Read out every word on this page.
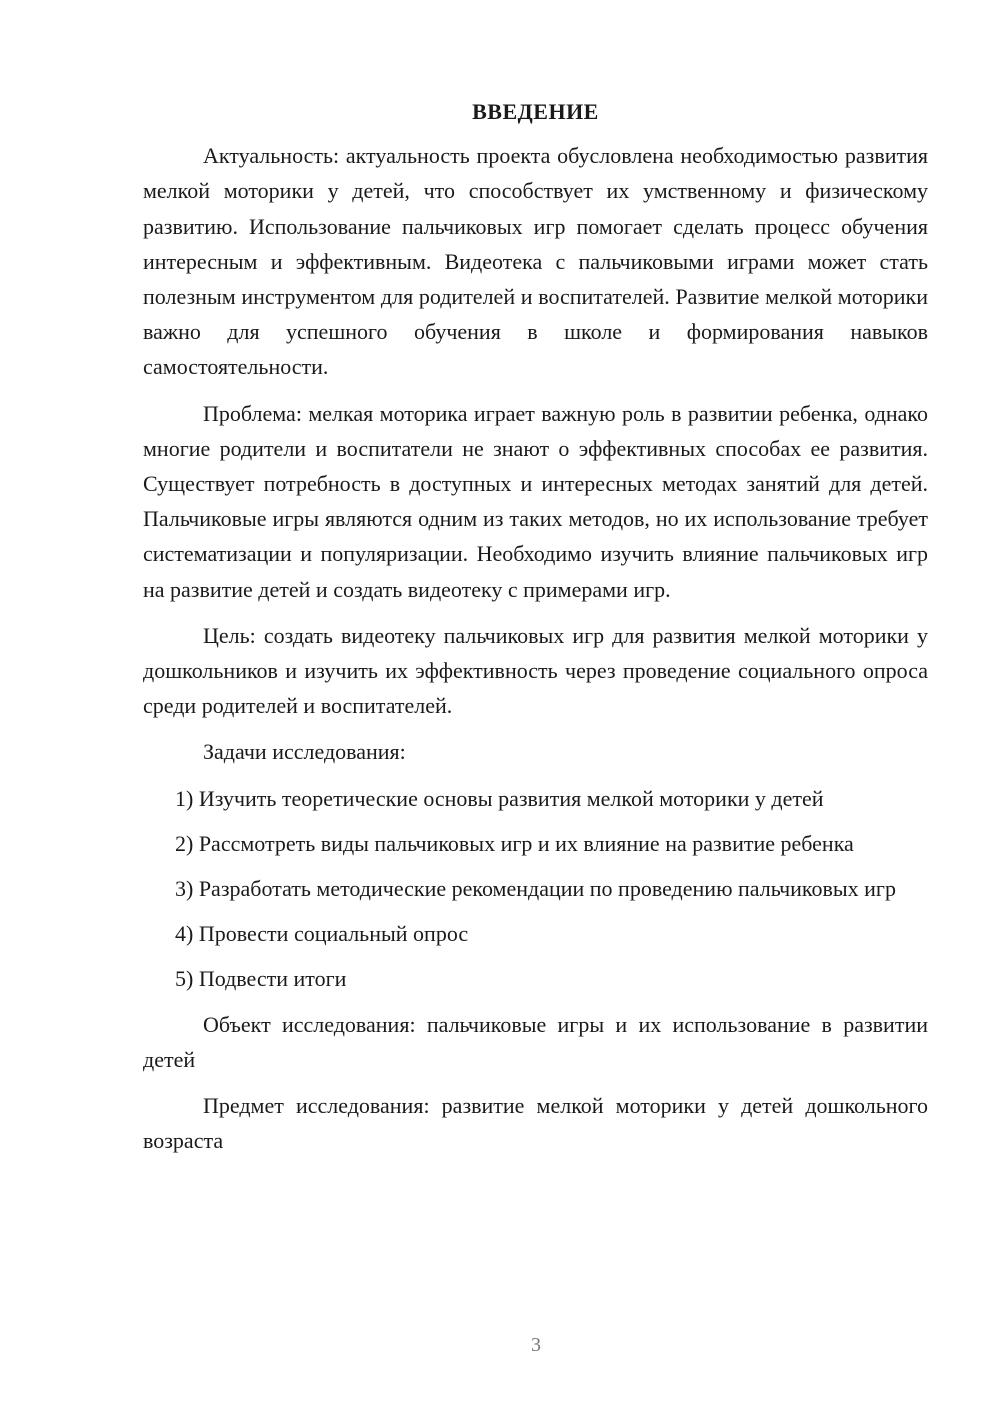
ВВЕДЕНИЕ

Актуальность: актуальность проекта обусловлена необходимостью развития мелкой моторики у детей, что способствует их умственному и физическому развитию. Использование пальчиковых игр помогает сделать процесс обучения интересным и эффективным. Видеотека с пальчиковыми играми может стать полезным инструментом для родителей и воспитателей. Развитие мелкой моторики важно для успешного обучения в школе и формирования навыков самостоятельности.

Проблема: мелкая моторика играет важную роль в развитии ребенка, однако многие родители и воспитатели не знают о эффективных способах ее развития. Существует потребность в доступных и интересных методах занятий для детей. Пальчиковые игры являются одним из таких методов, но их использование требует систематизации и популяризации. Необходимо изучить влияние пальчиковых игр на развитие детей и создать видеотеку с примерами игр.

Цель: создать видеотеку пальчиковых игр для развития мелкой моторики у дошкольников и изучить их эффективность через проведение социального опроса среди родителей и воспитателей.

Задачи исследования:

1) Изучить теоретические основы развития мелкой моторики у детей

2) Рассмотреть виды пальчиковых игр и их влияние на развитие ребенка

3) Разработать методические рекомендации по проведению пальчиковых игр

4) Провести социальный опрос

5) Подвести итоги

Объект исследования: пальчиковые игры и их использование в развитии детей

Предмет исследования: развитие мелкой моторики у детей дошкольного возраста

3
